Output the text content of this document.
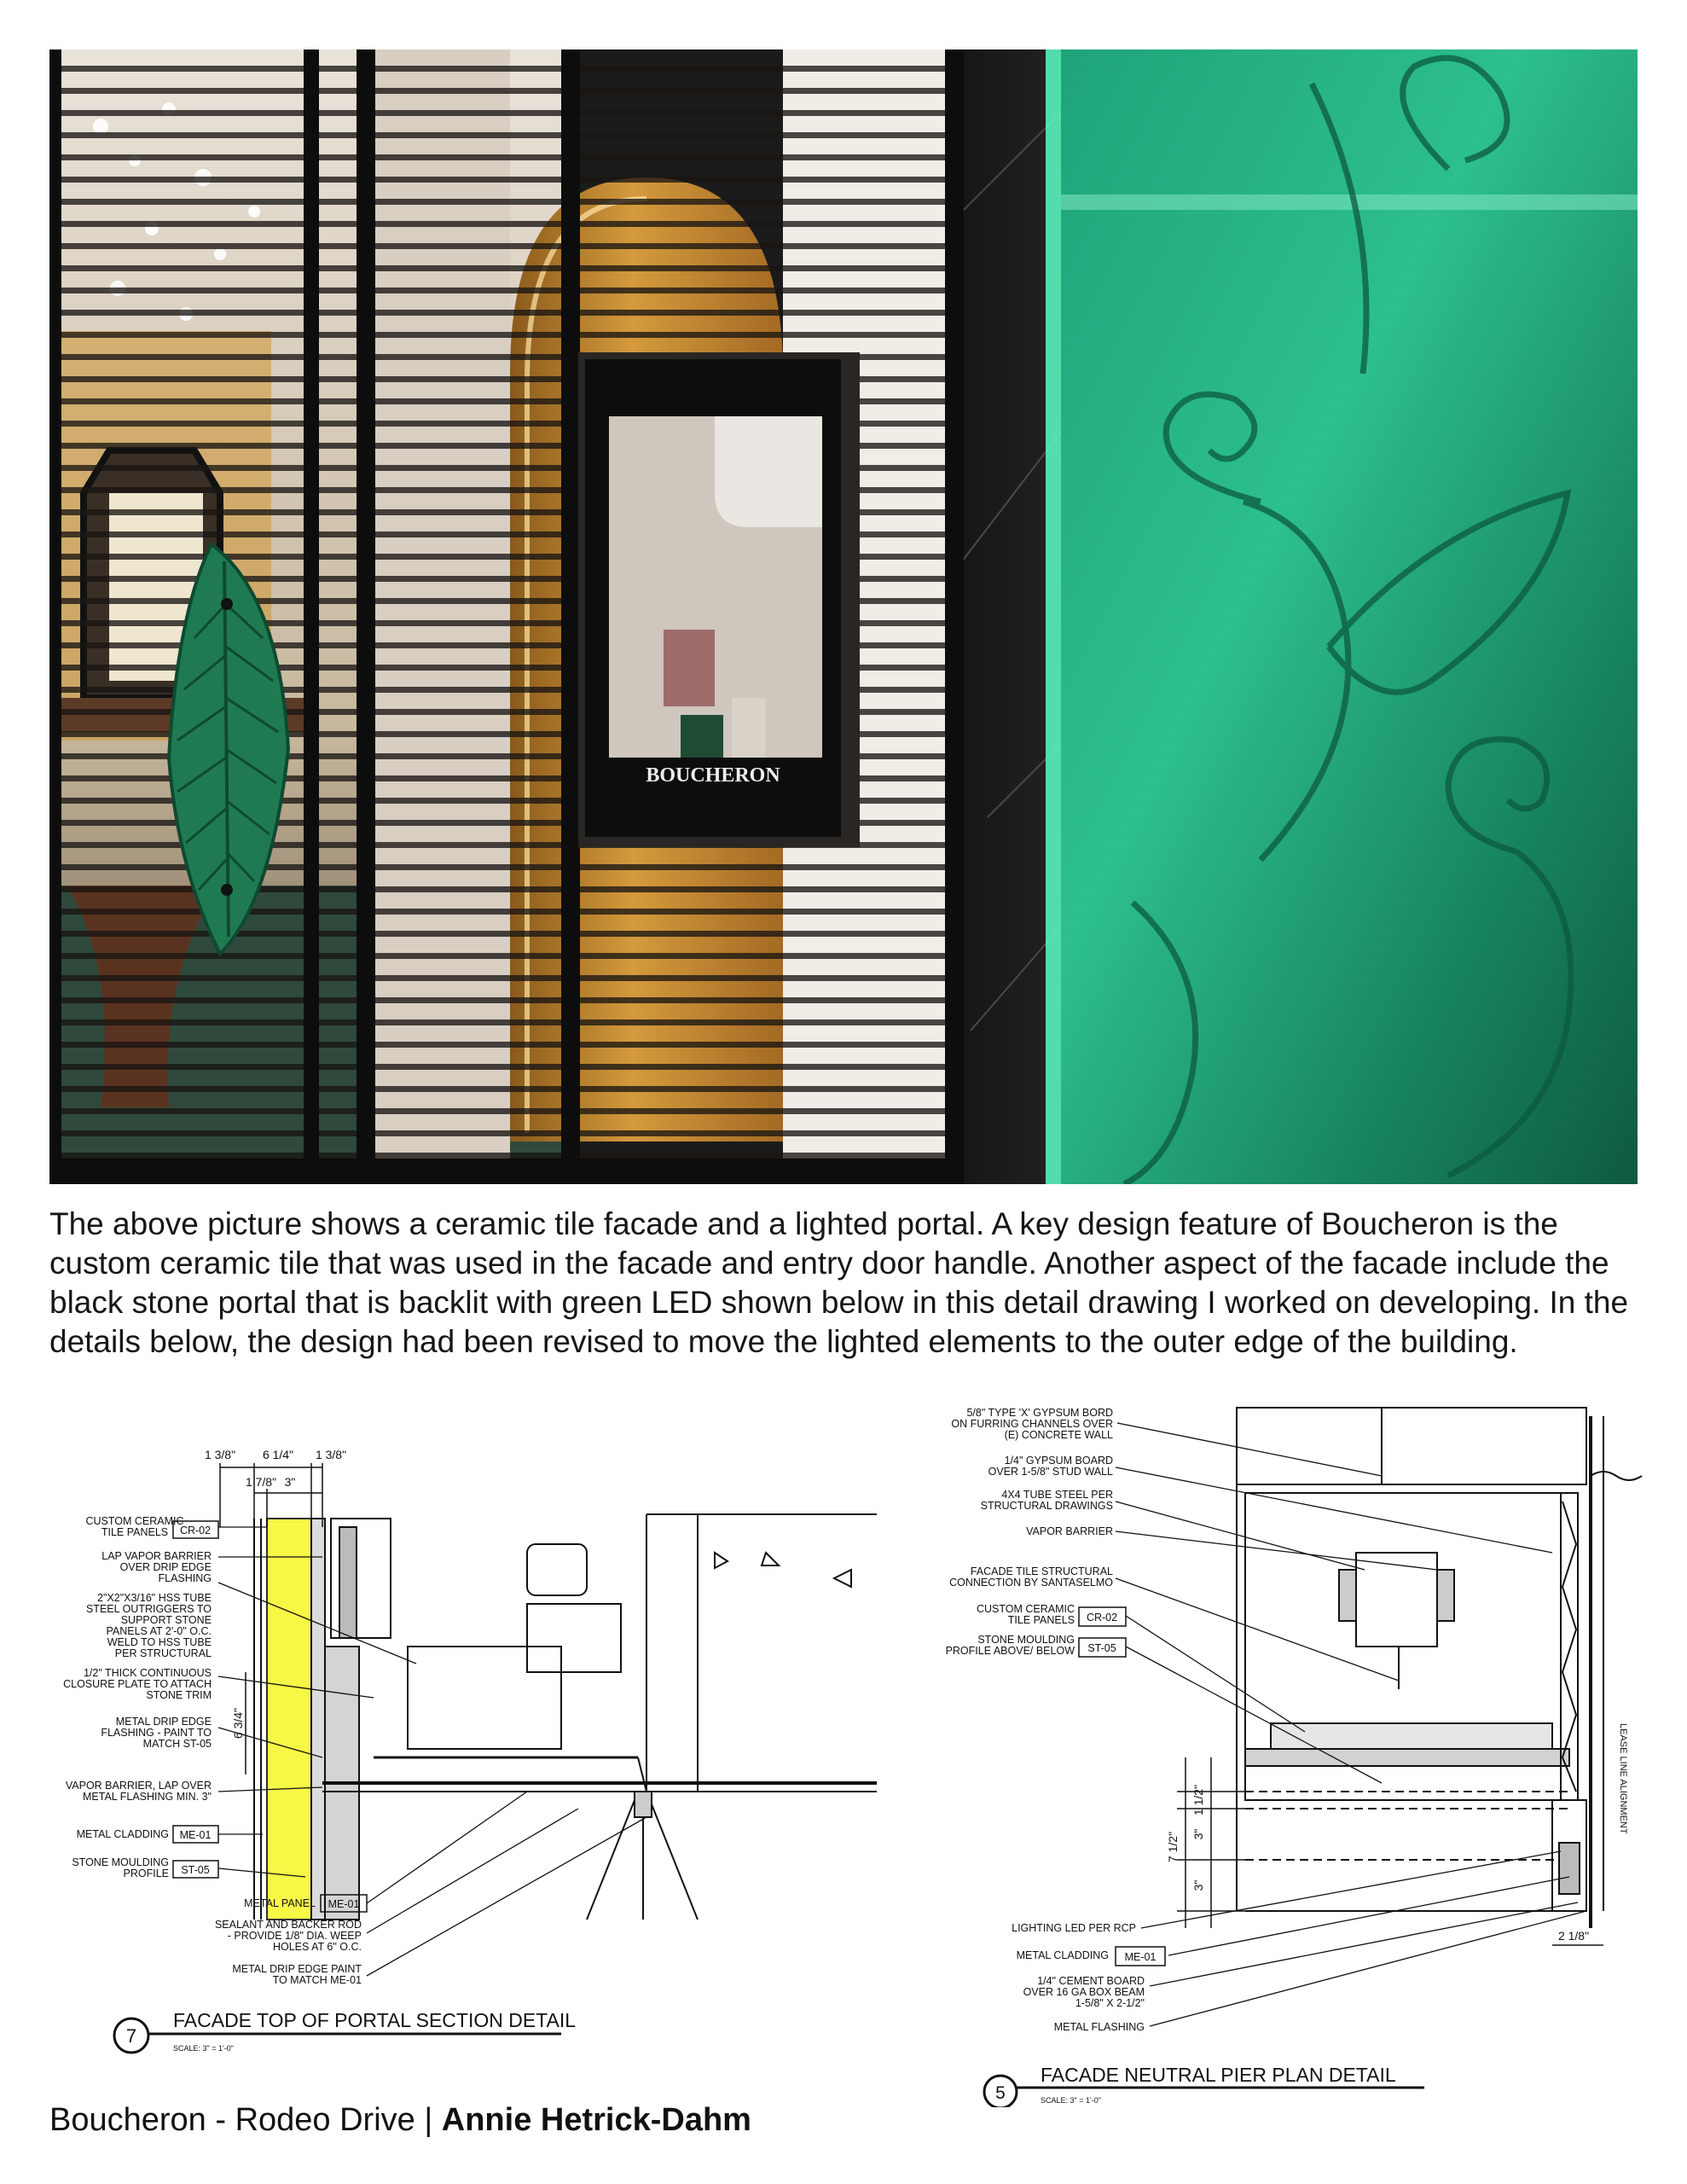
BOUCHERON

The above picture shows a ceramic tile facade and a lighted portal. A key design feature of Boucheron is the custom ceramic tile that was used in the facade and entry door handle. Another aspect of the facade include the black stone portal that is backlit with green LED shown below in this detail drawing I worked on developing. In the details below, the design had been revised to move the lighted elements to the outer edge of the building.

1 3/8" 6 1/4" 1 3/8"
1 7/8" 3"
6 3/4"
CUSTOM CERAMIC
TILE PANELS CR-02
LAP VAPOR BARRIER
OVER DRIP EDGE
FLASHING
2"X2"X3/16" HSS TUBE
STEEL OUTRIGGERS TO
SUPPORT STONE
PANELS AT 2'-0" O.C.
WELD TO HSS TUBE
PER STRUCTURAL
1/2" THICK CONTINUOUS
CLOSURE PLATE TO ATTACH
STONE TRIM
METAL DRIP EDGE
FLASHING - PAINT TO
MATCH ST-05
VAPOR BARRIER, LAP OVER
METAL FLASHING MIN. 3"
METAL CLADDING ME-01
STONE MOULDING
PROFILE ST-05
METAL PANEL ME-01
SEALANT AND BACKER ROD
- PROVIDE 1/8" DIA. WEEP
HOLES AT 6" O.C.
METAL DRIP EDGE PAINT
TO MATCH ME-01
7
FACADE TOP OF PORTAL SECTION DETAIL
SCALE: 3" = 1'-0"
LEASE LINE ALIGNMENT
1 1/2"
3"
3"
7 1/2"
2 1/8"
5/8" TYPE 'X' GYPSUM BORD
ON FURRING CHANNELS OVER
(E) CONCRETE WALL
1/4" GYPSUM BOARD
OVER 1-5/8" STUD WALL
4X4 TUBE STEEL PER
STRUCTURAL DRAWINGS
VAPOR BARRIER
FACADE TILE STRUCTURAL
CONNECTION BY SANTASELMO
CUSTOM CERAMIC
TILE PANELS CR-02
STONE MOULDING
PROFILE ABOVE/ BELOW ST-05
LIGHTING LED PER RCP
METAL CLADDING ME-01
1/4" CEMENT BOARD
OVER 16 GA BOX BEAM
1-5/8" X 2-1/2"
METAL FLASHING
5
FACADE NEUTRAL PIER PLAN DETAIL
SCALE: 3" = 1'-0"
Boucheron - Rodeo Drive | Annie Hetrick-Dahm
